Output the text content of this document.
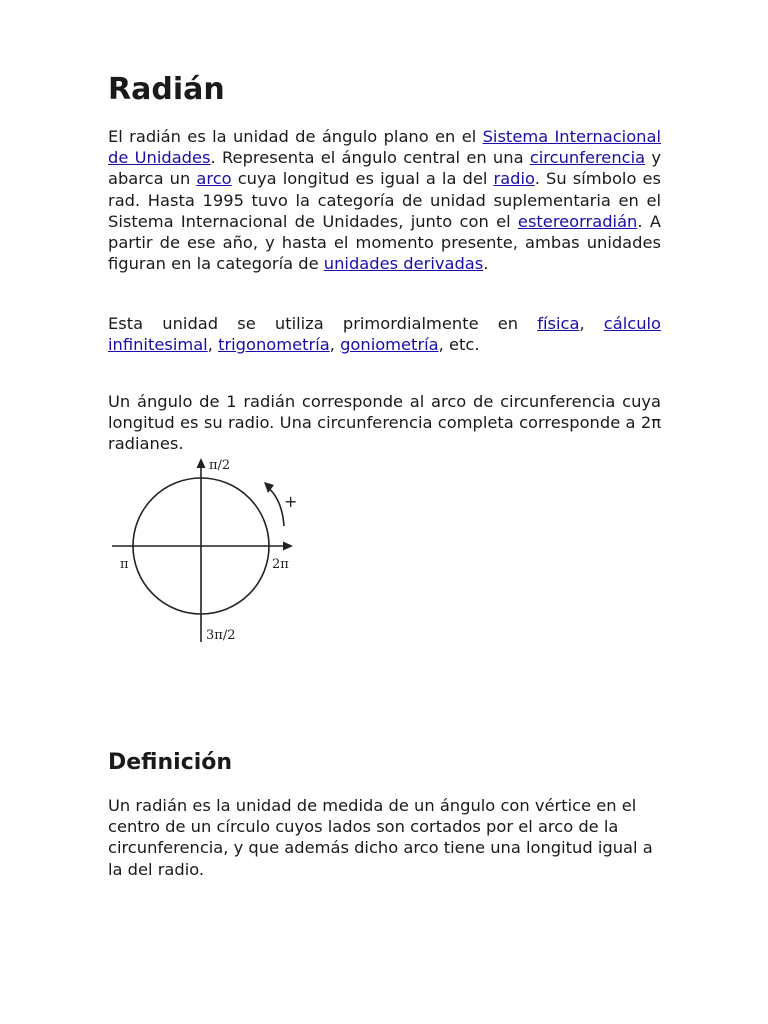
Radián

El radián es la unidad de ángulo plano en el Sistema Internacional de Unidades. Representa el ángulo central en una circunferencia y abarca un arco cuya longitud es igual a la del radio. Su símbolo es rad. Hasta 1995 tuvo la categoría de unidad suplementaria en el Sistema Internacional de Unidades, junto con el estereorradián. A partir de ese año, y hasta el momento presente, ambas unidades figuran en la categoría de unidades derivadas.

Esta unidad se utiliza primordialmente en física, cálculo infinitesimal, trigonometría, goniometría, etc.

Un ángulo de 1 radián corresponde al arco de circunferencia cuya longitud es su radio. Una circunferencia completa corresponde a 2π radianes.

π/2
π	2π
3π/2
+
Definición

Un radián es la unidad de medida de un ángulo con vértice en el centro de un círculo cuyos lados son cortados por el arco de la circunferencia, y que además dicho arco tiene una longitud igual a la del radio.
